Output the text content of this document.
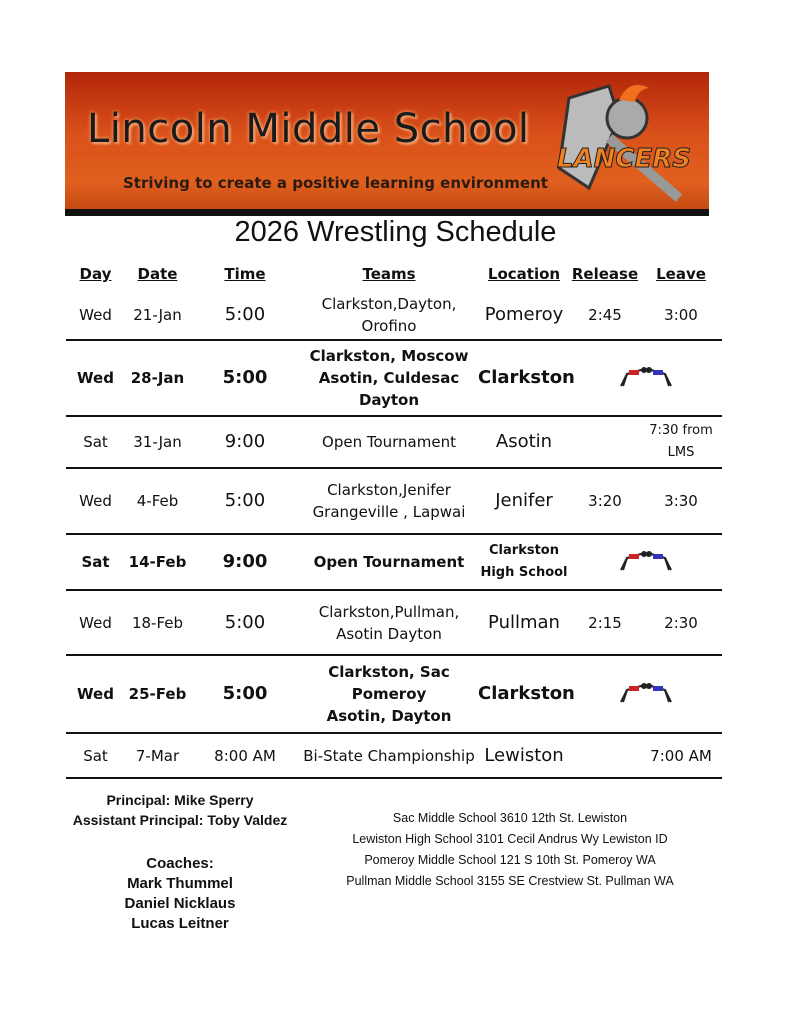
Lincoln Middle School
Striving to create a positive learning environment
LANCERS
2026 Wrestling Schedule
Day	Date	Time	Teams	Location	Release	Leave
Wed	21-Jan	5:00	Clarkston,Dayton,
Orofino	Pomeroy	2:45	3:00
Wed	28-Jan	5:00	Clarkston, Moscow
Asotin, Culdesac
Dayton	Clarkston	
Sat	31-Jan	9:00	Open Tournament	Asotin		7:30 from LMS
Wed	4-Feb	5:00	Clarkston,Jenifer
Grangeville , Lapwai	Jenifer	3:20	3:30
Sat	14-Feb	9:00	Open Tournament	Clarkston High School	
Wed	18-Feb	5:00	Clarkston,Pullman,
Asotin Dayton	Pullman	2:15	2:30
Wed	25-Feb	5:00	Clarkston, Sac
Pomeroy
Asotin, Dayton	Clarkston	
Sat	7-Mar	8:00 AM	Bi-State Championship	Lewiston		7:00 AM
Principal: Mike Sperry
Assistant Principal: Toby Valdez
Coaches:
Mark Thummel
Daniel Nicklaus
Lucas Leitner
Sac Middle School 3610 12th St. Lewiston
Lewiston High School 3101 Cecil Andrus Wy Lewiston ID
Pomeroy Middle School 121 S 10th St. Pomeroy WA
Pullman Middle School 3155 SE Crestview St. Pullman WA
